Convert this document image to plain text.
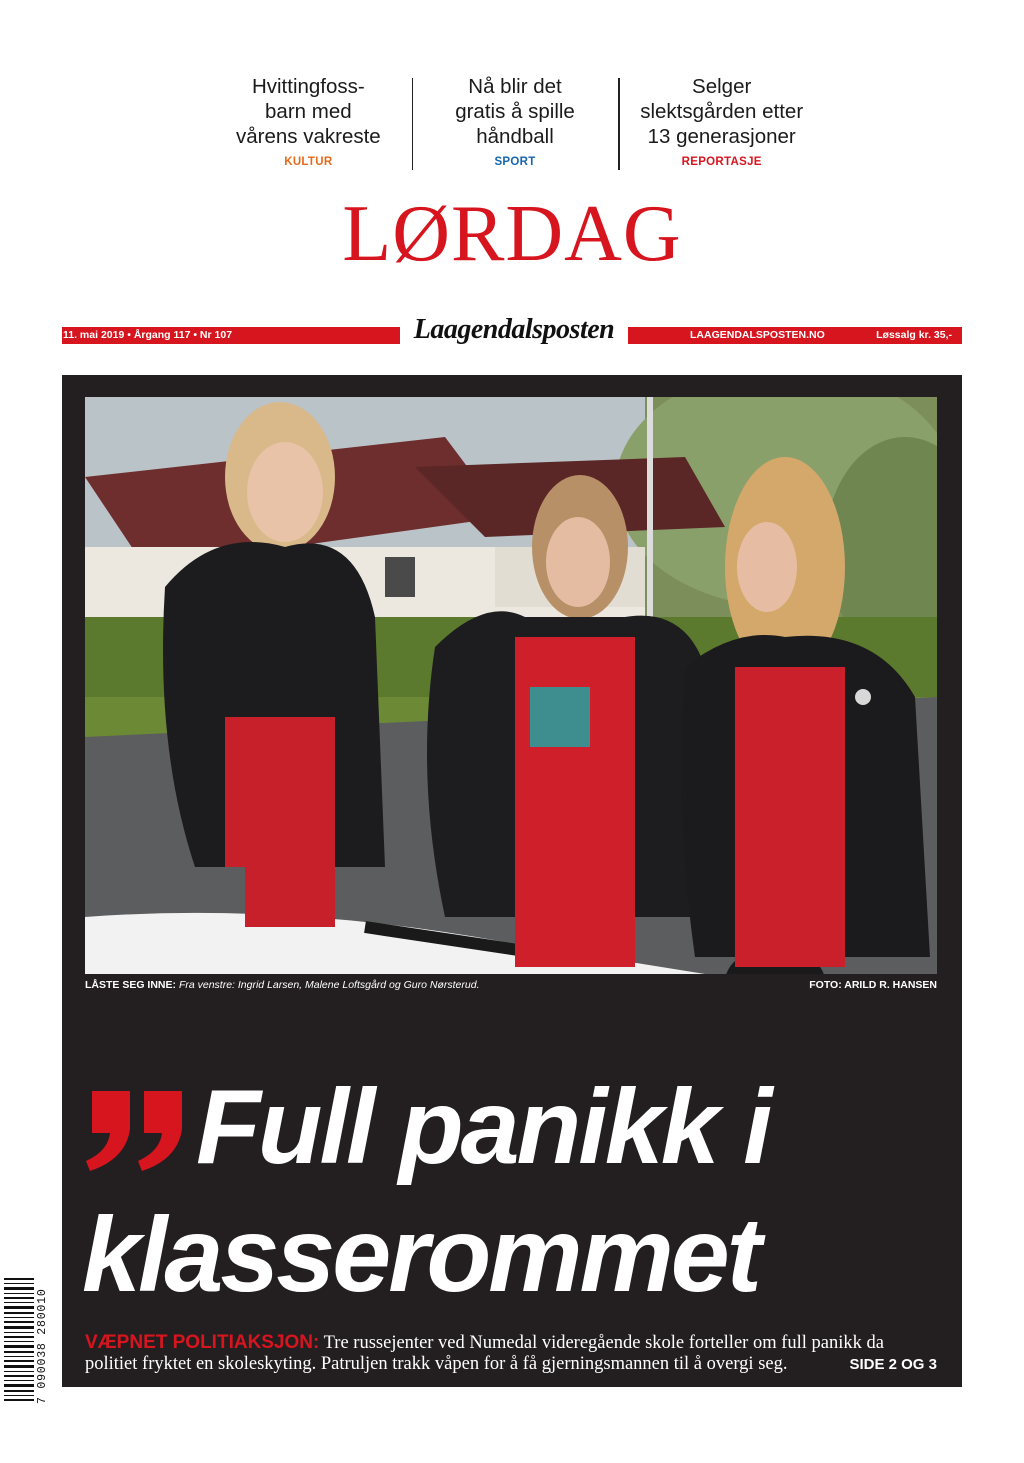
Hvittingfoss-
barn med
vårens vakreste
KULTUR
Nå blir det
gratis å spille
håndball
SPORT
Selger
slektsgården etter
13 generasjoner
REPORTASJE
LØRDAG
11. mai 2019 • Årgang 117 • Nr 107	Laagendalsposten	LAAGENDALSPOSTEN.NO	Løssalg kr. 35,-
LÅSTE SEG INNE: Fra venstre: Ingrid Larsen, Malene Loftsgård og Guro Nørsterud.	FOTO: ARILD R. HANSEN
Full panikk i
klasserommet
VÆPNET POLITIAKSJON: Tre russejenter ved Numedal videregående skole forteller om full panikk da politiet fryktet en skoleskyting. Patruljen trakk våpen for å få gjerningsmannen til å overgi seg.	SIDE 2 OG 3
7 090038 280010
